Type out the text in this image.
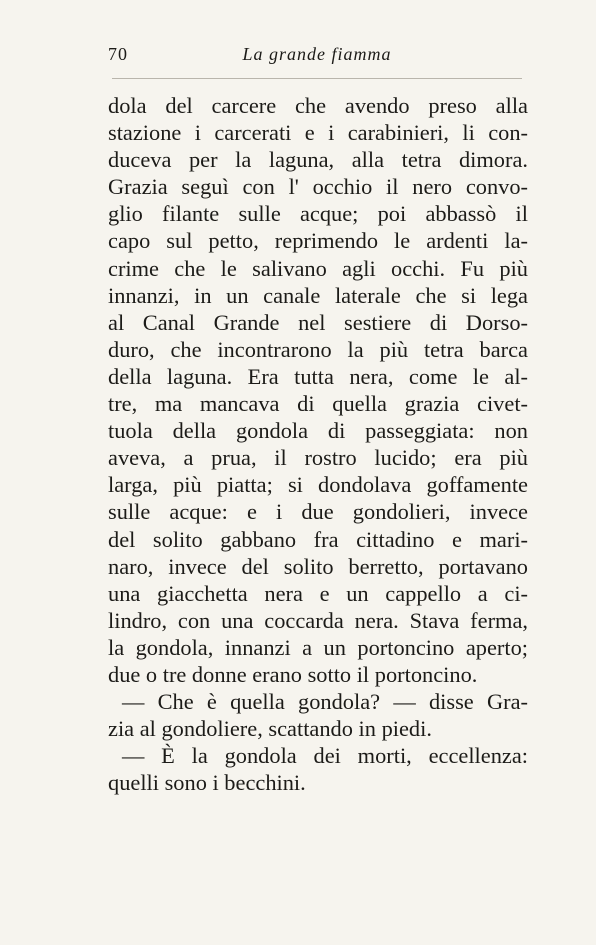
70	La grande fiamma
dola del carcere che avendo preso alla
stazione i carcerati e i carabinieri, li con-
duceva per la laguna, alla tetra dimora.
Grazia seguì con l' occhio il nero convo-
glio filante sulle acque; poi abbassò il
capo sul petto, reprimendo le ardenti la-
crime che le salivano agli occhi. Fu più
innanzi, in un canale laterale che si lega
al Canal Grande nel sestiere di Dorso-
duro, che incontrarono la più tetra barca
della laguna. Era tutta nera, come le al-
tre, ma mancava di quella grazia civet-
tuola della gondola di passeggiata: non
aveva, a prua, il rostro lucido; era più
larga, più piatta; si dondolava goffamente
sulle acque: e i due gondolieri, invece
del solito gabbano fra cittadino e mari-
naro, invece del solito berretto, portavano
una giacchetta nera e un cappello a ci-
lindro, con una coccarda nera. Stava ferma,
la gondola, innanzi a un portoncino aperto;
due o tre donne erano sotto il portoncino.
— Che è quella gondola? — disse Gra-
zia al gondoliere, scattando in piedi.
— È la gondola dei morti, eccellenza:
quelli sono i becchini.
